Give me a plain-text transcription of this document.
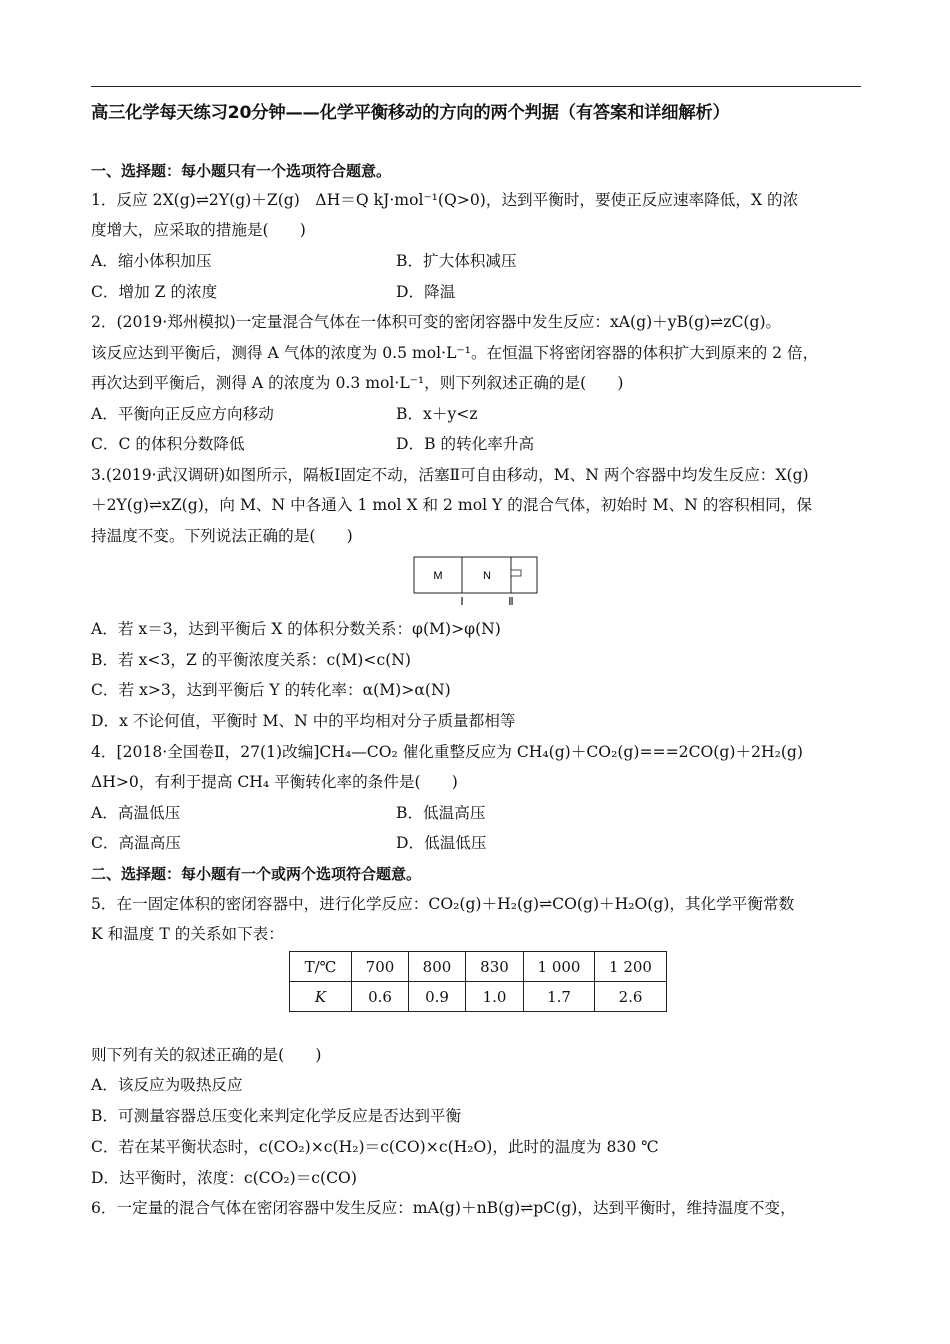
高三化学每天练习20分钟——化学平衡移动的方向的两个判据（有答案和详细解析）
一、选择题：每小题只有一个选项符合题意。
1．反应 2X(g)⇌2Y(g)＋Z(g)　ΔH＝Q kJ·mol⁻¹(Q>0)，达到平衡时，要使正反应速率降低，X 的浓
度增大，应采取的措施是(　　)
A．缩小体积加压	B．扩大体积减压
C．增加 Z 的浓度	D．降温
2．(2019·郑州模拟)一定量混合气体在一体积可变的密闭容器中发生反应：xA(g)＋yB(g)⇌zC(g)。
该反应达到平衡后，测得 A 气体的浓度为 0.5 mol·L⁻¹。在恒温下将密闭容器的体积扩大到原来的 2 倍，
再次达到平衡后，测得 A 的浓度为 0.3 mol·L⁻¹，则下列叙述正确的是(　　)
A．平衡向正反应方向移动	B．x＋y<z
C．C 的体积分数降低	D．B 的转化率升高
3.(2019·武汉调研)如图所示，隔板Ⅰ固定不动，活塞Ⅱ可自由移动，M、N 两个容器中均发生反应：X(g)
＋2Y(g)⇌xZ(g)，向 M、N 中各通入 1 mol X 和 2 mol Y 的混合气体，初始时 M、N 的容积相同，保
持温度不变。下列说法正确的是(　　)
M	N
Ⅰ	Ⅱ
A．若 x＝3，达到平衡后 X 的体积分数关系：φ(M)>φ(N)
B．若 x<3，Z 的平衡浓度关系：c(M)<c(N)
C．若 x>3，达到平衡后 Y 的转化率：α(M)>α(N)
D．x 不论何值，平衡时 M、N 中的平均相对分子质量都相等
4．[2018·全国卷Ⅱ，27(1)改编]CH₄—CO₂ 催化重整反应为 CH₄(g)＋CO₂(g)===2CO(g)＋2H₂(g)
ΔH>0，有利于提高 CH₄ 平衡转化率的条件是(　　)
A．高温低压	B．低温高压
C．高温高压	D．低温低压
二、选择题：每小题有一个或两个选项符合题意。
5．在一固定体积的密闭容器中，进行化学反应：CO₂(g)＋H₂(g)⇌CO(g)＋H₂O(g)，其化学平衡常数
K 和温度 T 的关系如下表：
T/℃	700	800	830	1 000	1 200
K	0.6	0.9	1.0	1.7	2.6
则下列有关的叙述正确的是(　　)
A．该反应为吸热反应
B．可测量容器总压变化来判定化学反应是否达到平衡
C．若在某平衡状态时，c(CO₂)×c(H₂)＝c(CO)×c(H₂O)，此时的温度为 830 ℃
D．达平衡时，浓度：c(CO₂)＝c(CO)
6．一定量的混合气体在密闭容器中发生反应：mA(g)＋nB(g)⇌pC(g)，达到平衡时，维持温度不变，
